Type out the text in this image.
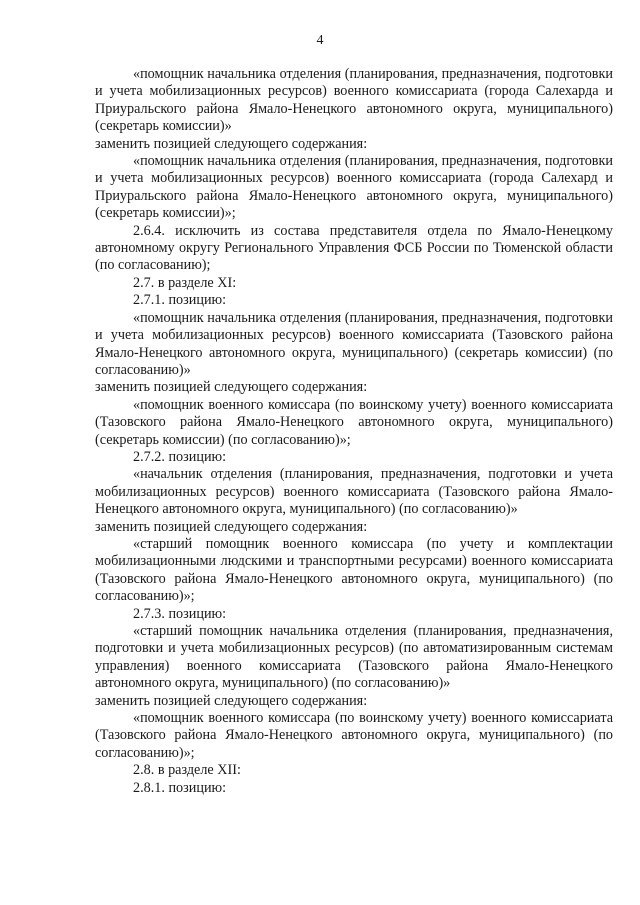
4

«помощник начальника отделения (планирования, предназначения, подготовки и учета мобилизационных ресурсов) военного комиссариата (города Салехарда и Приуральского района Ямало-Ненецкого автономного округа, муниципального) (секретарь комиссии)»

заменить позицией следующего содержания:

«помощник начальника отделения (планирования, предназначения, подготовки и учета мобилизационных ресурсов) военного комиссариата (города Салехард и Приуральского района Ямало-Ненецкого автономного округа, муниципального) (секретарь комиссии)»;

2.6.4. исключить из состава представителя отдела по Ямало-Ненецкому автономному округу Регионального Управления ФСБ России по Тюменской области (по согласованию);

2.7. в разделе XI:

2.7.1. позицию:

«помощник начальника отделения (планирования, предназначения, подготовки и учета мобилизационных ресурсов) военного комиссариата (Тазовского района Ямало-Ненецкого автономного округа, муниципального) (секретарь комиссии) (по согласованию)»

заменить позицией следующего содержания:

«помощник военного комиссара (по воинскому учету) военного комиссариата (Тазовского района Ямало-Ненецкого автономного округа, муниципального) (секретарь комиссии) (по согласованию)»;

2.7.2. позицию:

«начальник отделения (планирования, предназначения, подготовки и учета мобилизационных ресурсов) военного комиссариата (Тазовского района Ямало-Ненецкого автономного округа, муниципального) (по согласованию)»

заменить позицией следующего содержания:

«старший помощник военного комиссара (по учету и комплектации мобилизационными людскими и транспортными ресурсами) военного комиссариата (Тазовского района Ямало-Ненецкого автономного округа, муниципального) (по согласованию)»;

2.7.3. позицию:

«старший помощник начальника отделения (планирования, предназначения, подготовки и учета мобилизационных ресурсов) (по автоматизированным системам управления) военного комиссариата (Тазовского района Ямало-Ненецкого автономного округа, муниципального) (по согласованию)»

заменить позицией следующего содержания:

«помощник военного комиссара (по воинскому учету) военного комиссариата (Тазовского района Ямало-Ненецкого автономного округа, муниципального) (по согласованию)»;

2.8. в разделе XII:

2.8.1. позицию:
